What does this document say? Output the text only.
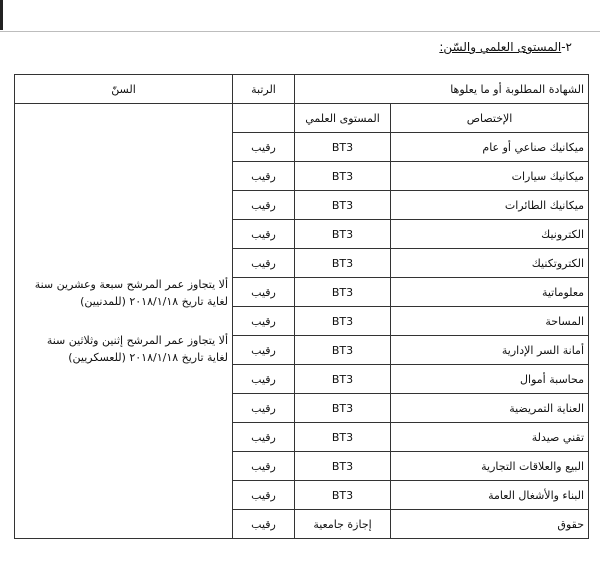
٢-المستوى العلمي والسّن:
الشهادة المطلوبة أو ما يعلوها		الرتبة	السنّ
الإختصاص	المستوى العلمي		ألا يتجاوز عمر المرشح سبعة وعشرين سنة
لغاية تاريخ ٢٠١٨/١/١٨ (للمدنيين)
ألا يتجاوز عمر المرشح إثنين وثلاثين سنة
لغاية تاريخ ٢٠١٨/١/١٨ (للعسكريين)

ميكانيك صناعي أو عام	BT3	رقيب	
ميكانيك سيارات	BT3	رقيب	
ميكانيك الطائرات	BT3	رقيب	
الكترونيك	BT3	رقيب	
الكتروتكنيك	BT3	رقيب	
معلوماتية	BT3	رقيب	
المساحة	BT3	رقيب	
أمانة السر الإدارية	BT3	رقيب	
محاسبة أموال	BT3	رقيب	
العناية التمريضية	BT3	رقيب	
تقني صيدلة	BT3	رقيب	
البيع والعلاقات التجارية	BT3	رقيب	
البناء والأشغال العامة	BT3	رقيب	
حقوق	إجازة جامعية	رقيب	
